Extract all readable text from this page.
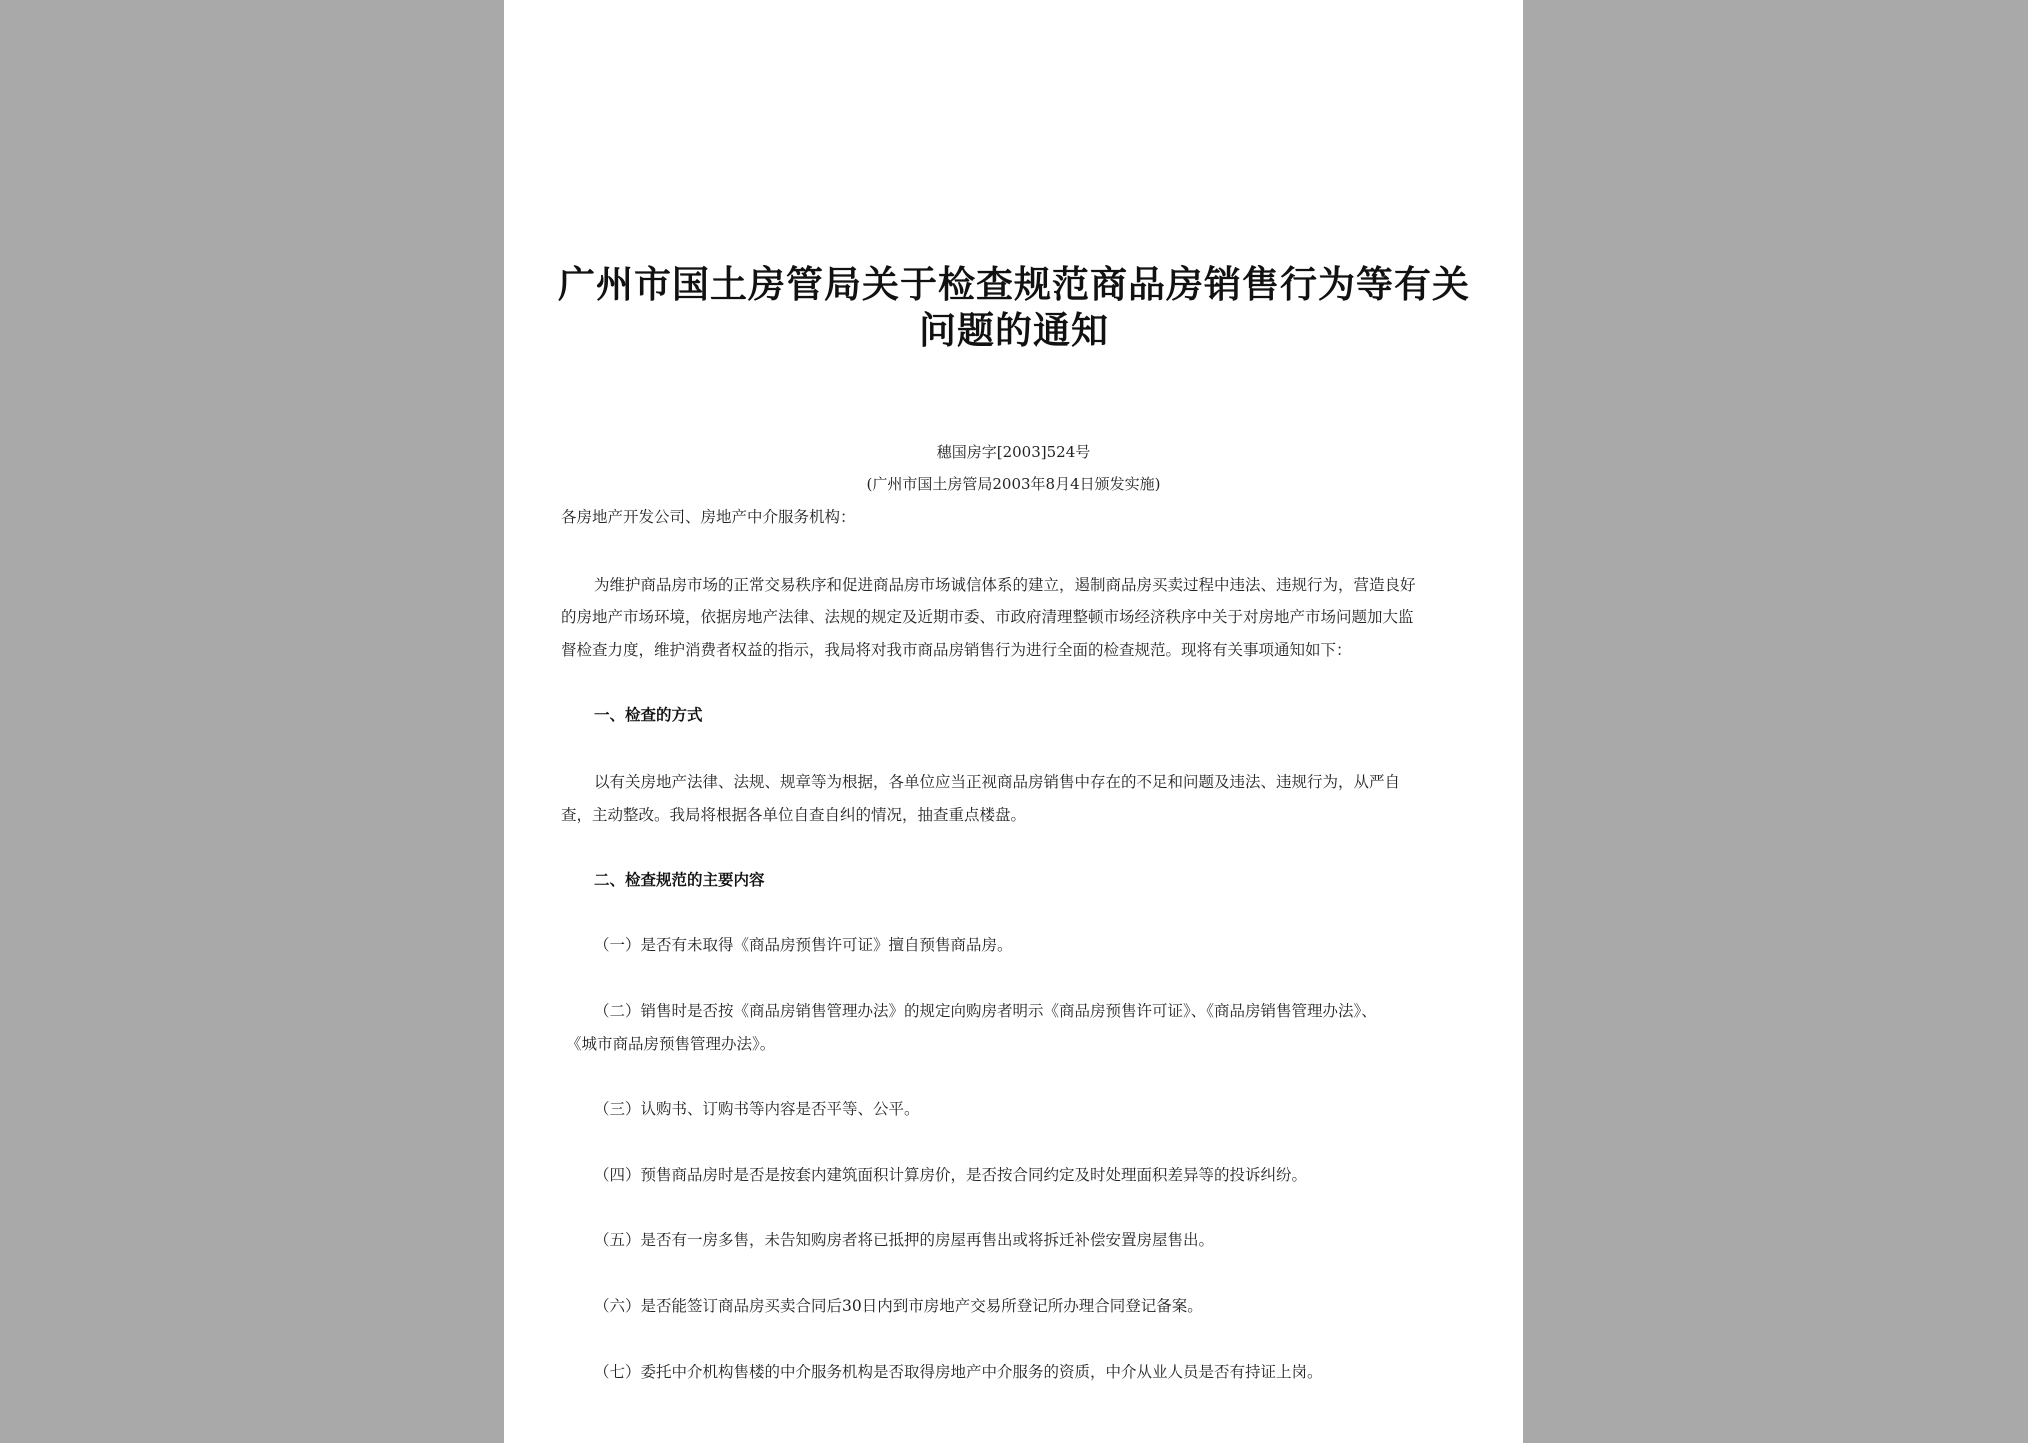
广州市国土房管局关于检查规范商品房销售行为等有关
问题的通知
穗国房字[2003]524号
(广州市国土房管局2003年8月4日颁发实施)
各房地产开发公司、房地产中介服务机构：
为维护商品房市场的正常交易秩序和促进商品房市场诚信体系的建立，遏制商品房买卖过程中违法、违规行为，营造良好
的房地产市场环境，依据房地产法律、法规的规定及近期市委、市政府清理整顿市场经济秩序中关于对房地产市场问题加大监
督检查力度，维护消费者权益的指示，我局将对我市商品房销售行为进行全面的检查规范。现将有关事项通知如下：
一、检查的方式
以有关房地产法律、法规、规章等为根据，各单位应当正视商品房销售中存在的不足和问题及违法、违规行为，从严自
查，主动整改。我局将根据各单位自查自纠的情况，抽查重点楼盘。
二、检查规范的主要内容
（一）是否有未取得《商品房预售许可证》擅自预售商品房。
（二）销售时是否按《商品房销售管理办法》的规定向购房者明示《商品房预售许可证》、《商品房销售管理办法》、
《城市商品房预售管理办法》。
（三）认购书、订购书等内容是否平等、公平。
（四）预售商品房时是否是按套内建筑面积计算房价，是否按合同约定及时处理面积差异等的投诉纠纷。
（五）是否有一房多售，未告知购房者将已抵押的房屋再售出或将拆迁补偿安置房屋售出。
（六）是否能签订商品房买卖合同后30日内到市房地产交易所登记所办理合同登记备案。
（七）委托中介机构售楼的中介服务机构是否取得房地产中介服务的资质，中介从业人员是否有持证上岗。
